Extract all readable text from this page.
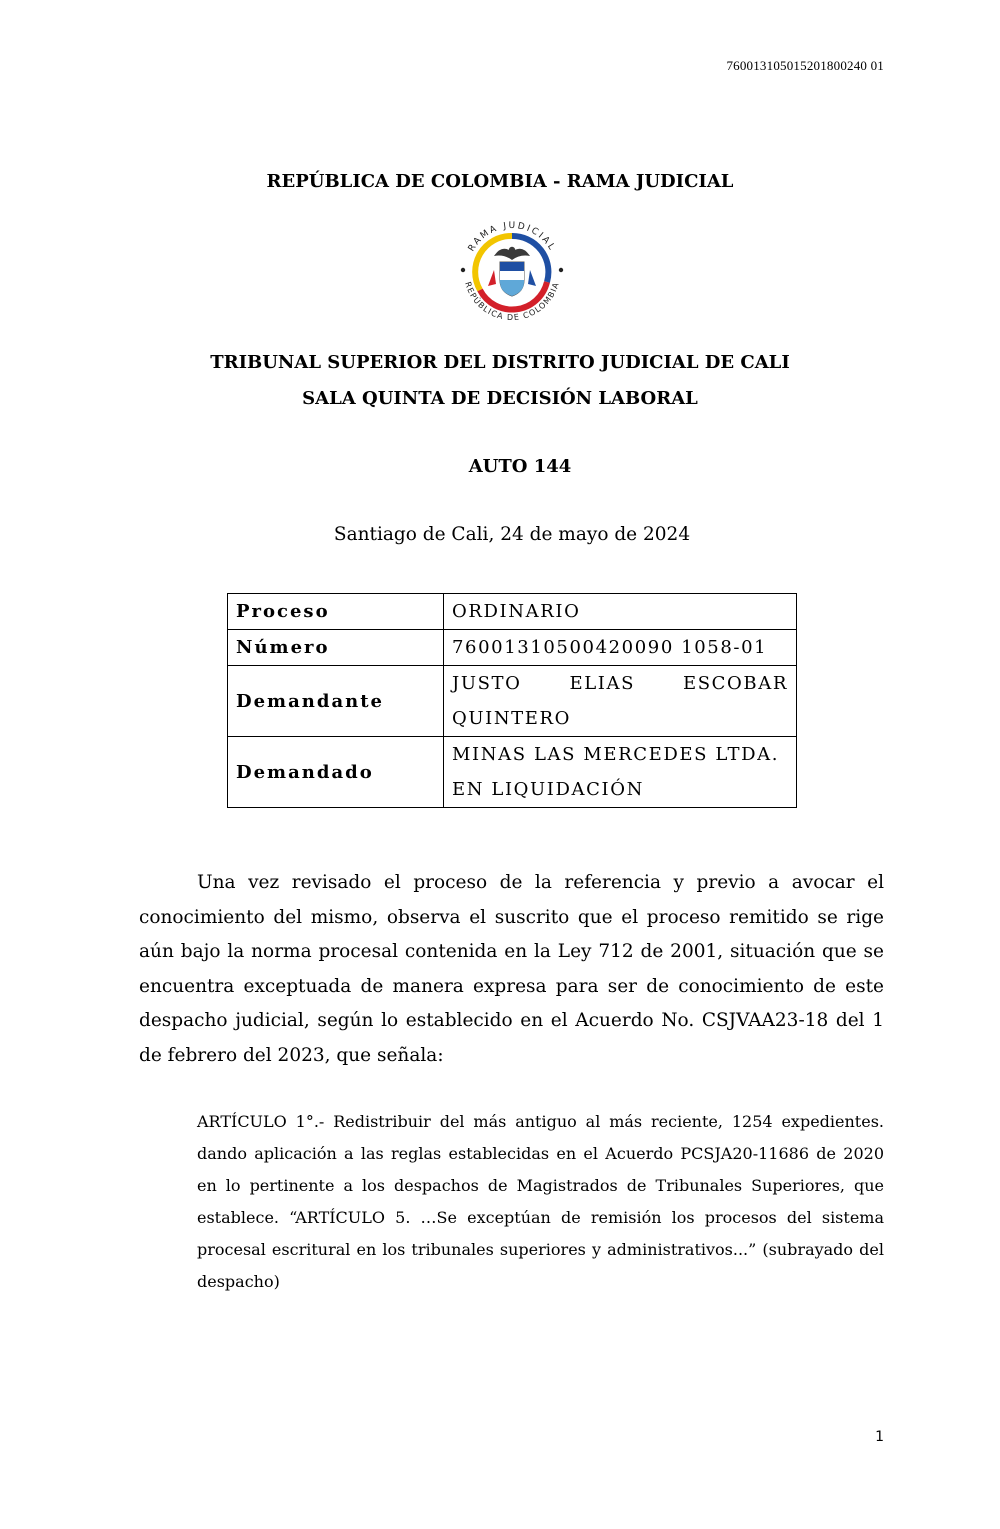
760013105015201800240 01
REPÚBLICA DE COLOMBIA - RAMA JUDICIAL
RAMA JUDICIAL
REPÚBLICA DE COLOMBIA
TRIBUNAL SUPERIOR DEL DISTRITO JUDICIAL DE CALI
SALA QUINTA DE DECISIÓN LABORAL
AUTO 144
Santiago de Cali, 24 de mayo de 2024
Proceso	ORDINARIO
Número	76001310500420090 1058-01
Demandante	JUSTO ELIAS ESCOBAR
QUINTERO
Demandado	MINAS LAS MERCEDES LTDA.
EN LIQUIDACIÓN
Una vez revisado el proceso de la referencia y previo a avocar el conocimiento del mismo, observa el suscrito que el proceso remitido se rige aún bajo la norma procesal contenida en la Ley 712 de 2001, situación que se encuentra exceptuada de manera expresa para ser de conocimiento de este despacho judicial, según lo establecido en el Acuerdo No. CSJVAA23-18 del 1 de febrero del 2023, que señala:
ARTÍCULO 1°.- Redistribuir del más antiguo al más reciente, 1254 expedientes. dando aplicación a las reglas establecidas en el Acuerdo PCSJA20-11686 de 2020 en lo pertinente a los despachos de Magistrados de Tribunales Superiores, que establece. “ARTÍCULO 5. …Se exceptúan de remisión los procesos del sistema procesal escritural en los tribunales superiores y administrativos...” (subrayado del despacho)
1
